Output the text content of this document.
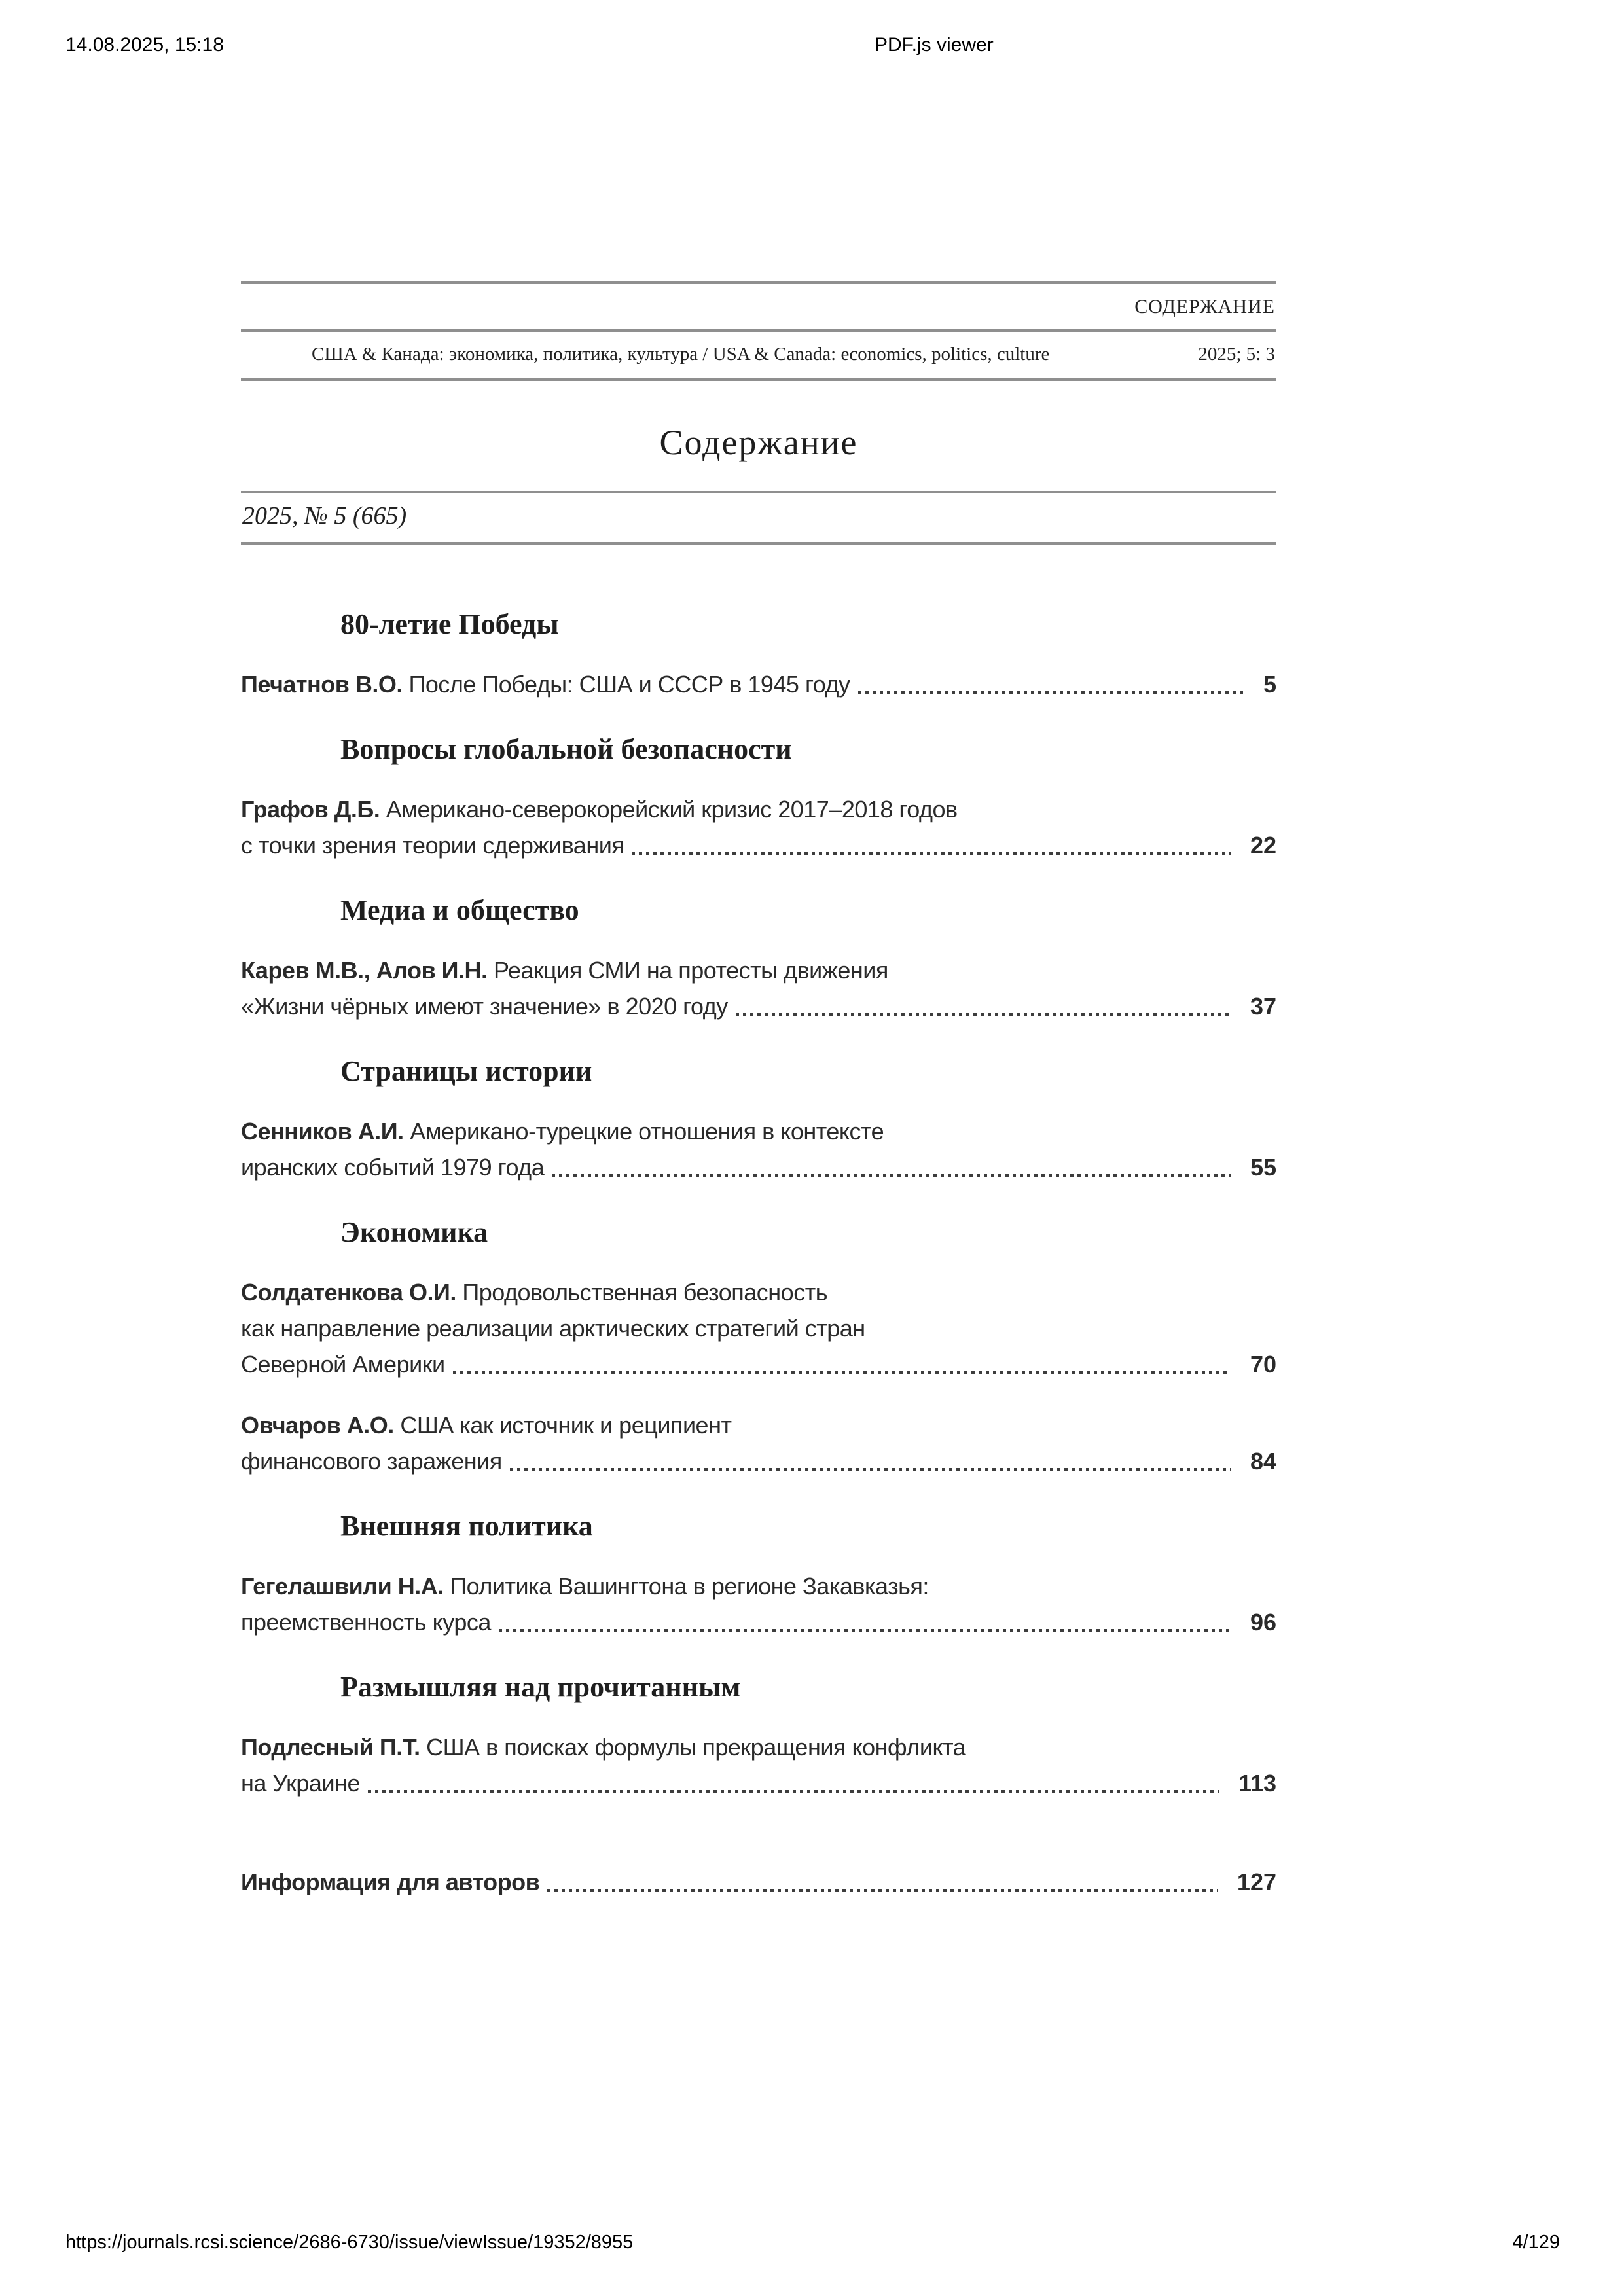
14.08.2025, 15:18	PDF.js viewer
СОДЕРЖАНИЕ
США & Канада: экономика, политика, культура / USA & Canada: economics, politics, culture	2025; 5: 3
Содержание
2025, № 5 (665)
80-летие Победы
Печатнов В.О.
После Победы: США и СССР в 1945 году	5
Вопросы глобальной безопасности
Графов Д.Б.
Американо-северокорейский кризис 2017–2018 годов
с точки зрения теории сдерживания	22
Медиа и общество
Карев М.В., Алов И.Н.
Реакция СМИ на протесты движения
«Жизни чёрных имеют значение» в 2020 году	37
Страницы истории
Сенников А.И.
Американо-турецкие отношения в контексте
иранских событий 1979 года	55
Экономика
Солдатенкова О.И.
Продовольственная безопасность
как направление реализации арктических стратегий стран
Северной Америки	70
Овчаров А.О.
США как источник и реципиент
финансового заражения	84
Внешняя политика
Гегелашвили Н.А.
Политика Вашингтона в регионе Закавказья:
преемственность курса	96
Размышляя над прочитанным
Подлесный П.Т.
США в поисках формулы прекращения конфликта
на Украине	113
Информация для авторов	127
https://journals.rcsi.science/2686-6730/issue/viewIssue/19352/8955	4/129
